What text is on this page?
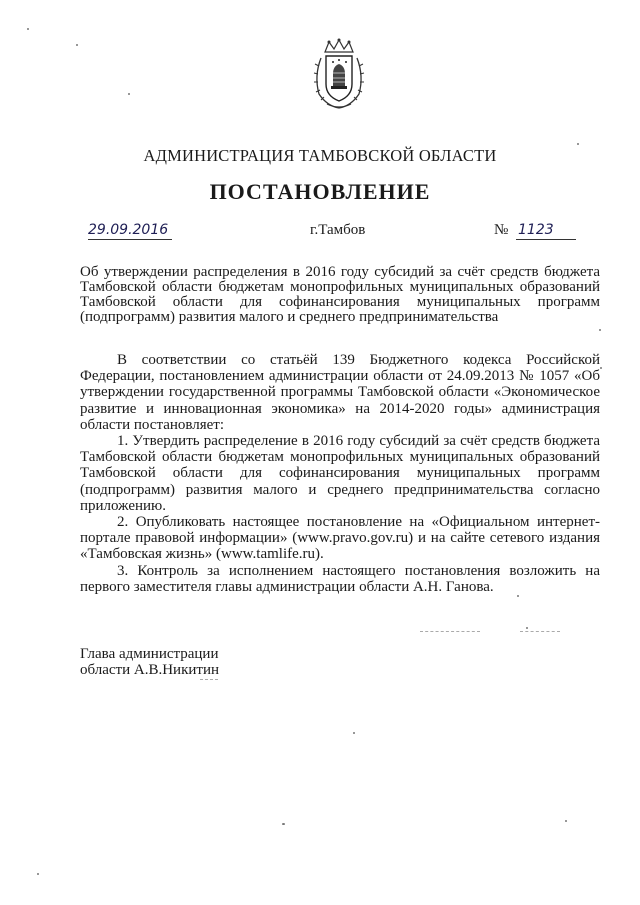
АДМИНИСТРАЦИЯ ТАМБОВСКОЙ ОБЛАСТИ
ПОСТАНОВЛЕНИЕ
29.09.2016	г.Тамбов	№ 1123
Об утверждении распределения в 2016 году субсидий за счёт средств бюджета Тамбовской области бюджетам монопрофильных муниципальных образований Тамбовской области для софинансирования муниципальных программ (подпрограмм) развития малого и среднего предпринимательства

В соответствии со статьёй 139 Бюджетного кодекса Российской Федерации, постановлением администрации области от 24.09.2013 № 1057 «Об утверждении государственной программы Тамбовской области «Экономическое развитие и инновационная экономика» на 2014-2020 годы» администрация области постановляет:

1. Утвердить распределение в 2016 году субсидий за счёт средств бюджета Тамбовской области бюджетам монопрофильных муниципальных образований Тамбовской области для софинансирования муниципальных программ (подпрограмм) развития малого и среднего предпринимательства согласно приложению.

2. Опубликовать настоящее постановление на «Официальном интернет-портале правовой информации» (www.pravo.gov.ru) и на сайте сетевого издания «Тамбовская жизнь» (www.tamlife.ru).

3. Контроль за исполнением настоящего постановления возложить на первого заместителя главы администрации области А.Н. Ганова.

Глава администрации
области А.В.Никитин
